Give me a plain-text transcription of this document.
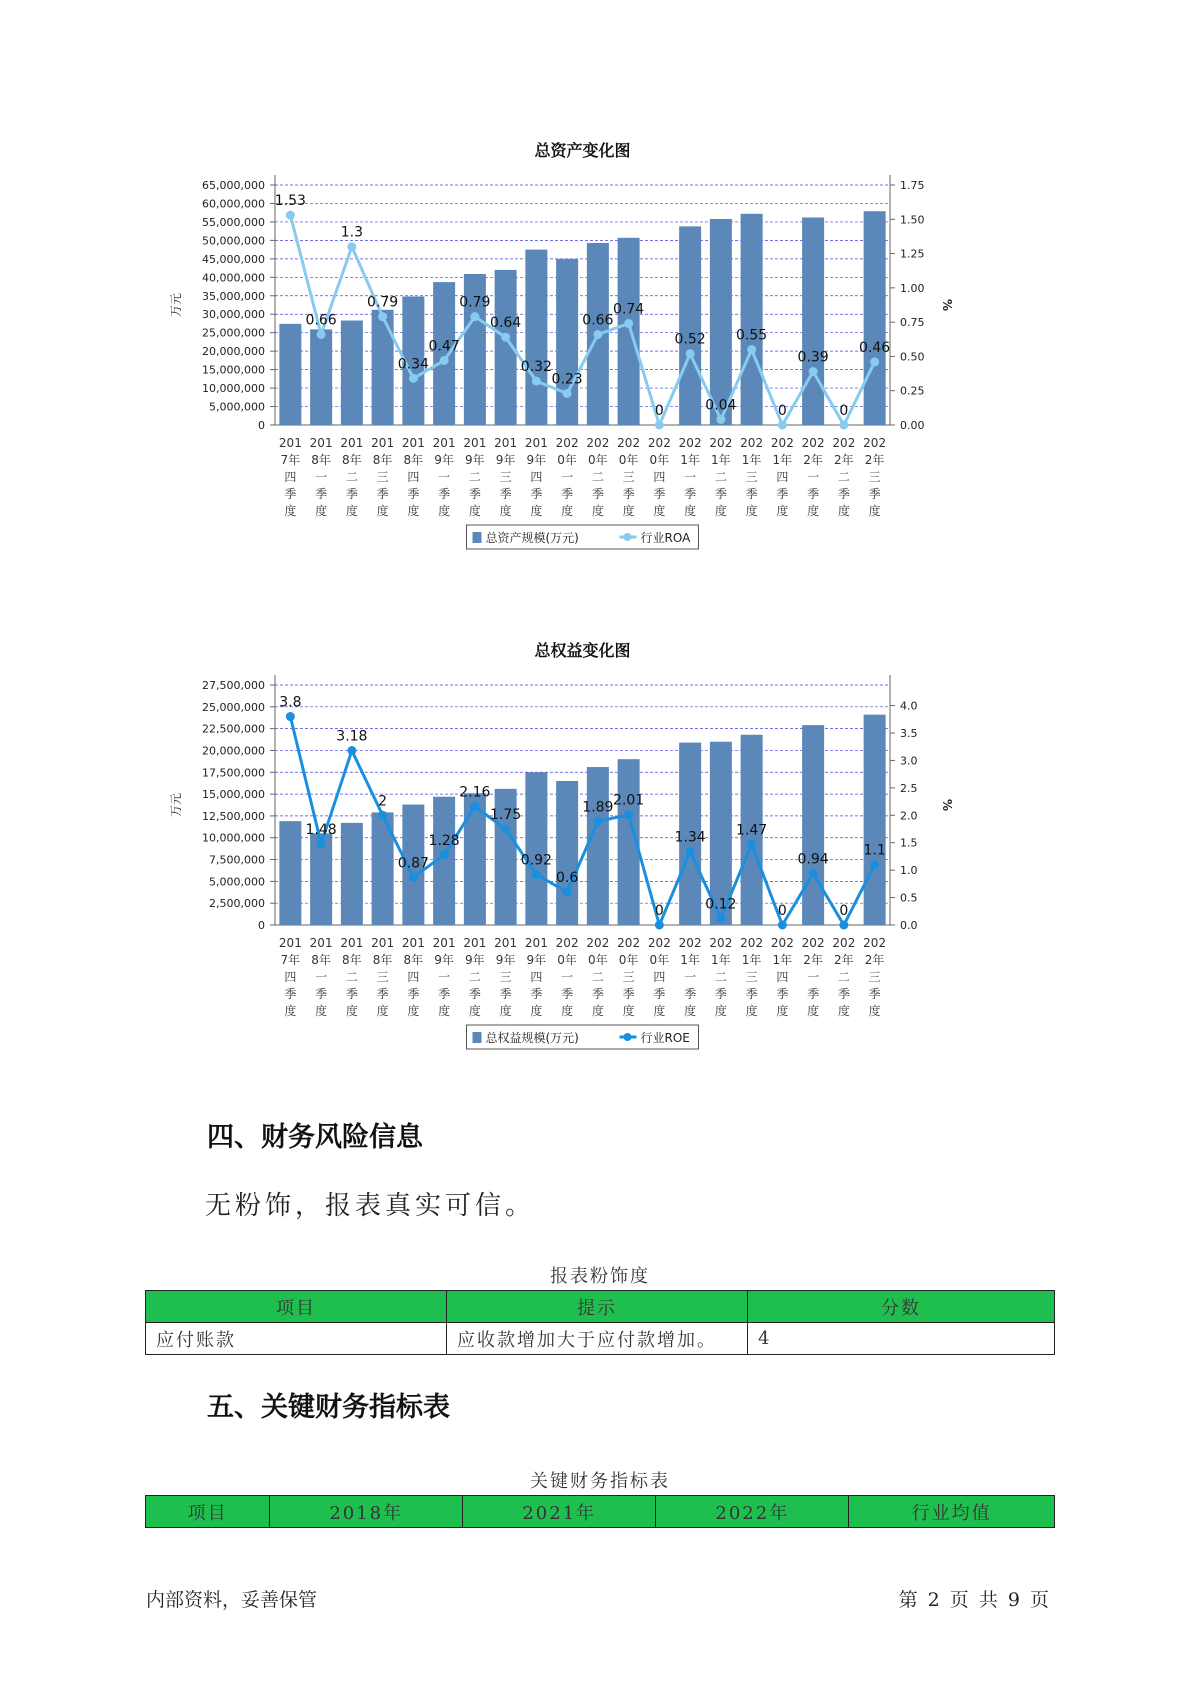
总资产变化图
0
5,000,000
10,000,000
15,000,000
20,000,000
25,000,000
30,000,000
35,000,000
40,000,000
45,000,000
50,000,000
55,000,000
60,000,000
65,000,000
万元
0.00
0.25
0.50
0.75
1.00
1.25
1.50
1.75
%
1.53
0.66
1.3
0.79
0.34
0.47
0.79
0.64
0.32
0.23
0.66
0.74
0
0.52
0.04
0.55
0
0.39
0
0.46
201
7年
四
季
度
201
8年
一
季
度
201
8年
二
季
度
201
8年
三
季
度
201
8年
四
季
度
201
9年
一
季
度
201
9年
二
季
度
201
9年
三
季
度
201
9年
四
季
度
202
0年
一
季
度
202
0年
二
季
度
202
0年
三
季
度
202
0年
四
季
度
202
1年
一
季
度
202
1年
二
季
度
202
1年
三
季
度
202
1年
四
季
度
202
2年
一
季
度
202
2年
二
季
度
202
2年
三
季
度
总资产规模(万元)	行业ROA
总权益变化图
0
2,500,000
5,000,000
7,500,000
10,000,000
12,500,000
15,000,000
17,500,000
20,000,000
22,500,000
25,000,000
27,500,000
万元
0.0
0.5
1.0
1.5
2.0
2.5
3.0
3.5
4.0
%
3.8
1.48
3.18
2
0.87
1.28
2.16
1.75
0.92
0.6
1.89 2.01
0
1.34
0.12
1.47
0
0.94
0
1.1
201
7年
四
季
度
201
8年
一
季
度
201
8年
二
季
度
201
8年
三
季
度
201
8年
四
季
度
201
9年
一
季
度
201
9年
二
季
度
201
9年
三
季
度
201
9年
四
季
度
202
0年
一
季
度
202
0年
二
季
度
202
0年
三
季
度
202
0年
四
季
度
202
1年
一
季
度
202
1年
二
季
度
202
1年
三
季
度
202
1年
四
季
度
202
2年
一
季
度
202
2年
二
季
度
202
2年
三
季
度
总权益规模(万元)	行业ROE
四、财务风险信息
无粉饰，报表真实可信。
报表粉饰度
项目	提示	分数
应付账款	应收款增加大于应付款增加。	4
五、关键财务指标表
关键财务指标表
项目	2018年	2021年	2022年	行业均值
内部资料，妥善保管	第 2 页 共 9 页
